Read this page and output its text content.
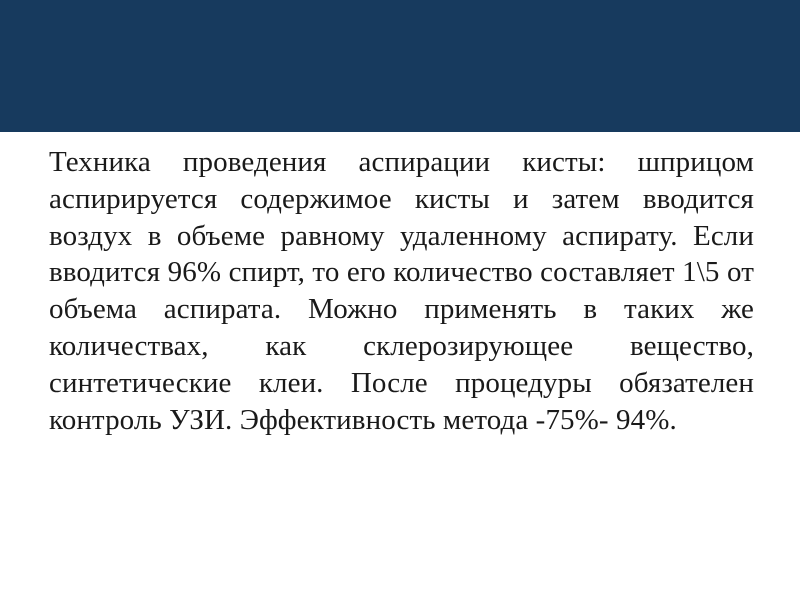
Техника проведения аспирации кисты: шприцом аспирируется содержимое кисты и затем вводится воздух в объеме равному удаленному аспирату. Если вводится 96% спирт, то его количество составляет 1\5 от объема аспирата. Можно применять в таких же количествах, как склерозирующее вещество, синтетические клеи. После процедуры обязателен контроль УЗИ. Эффективность метода -75%- 94%.
